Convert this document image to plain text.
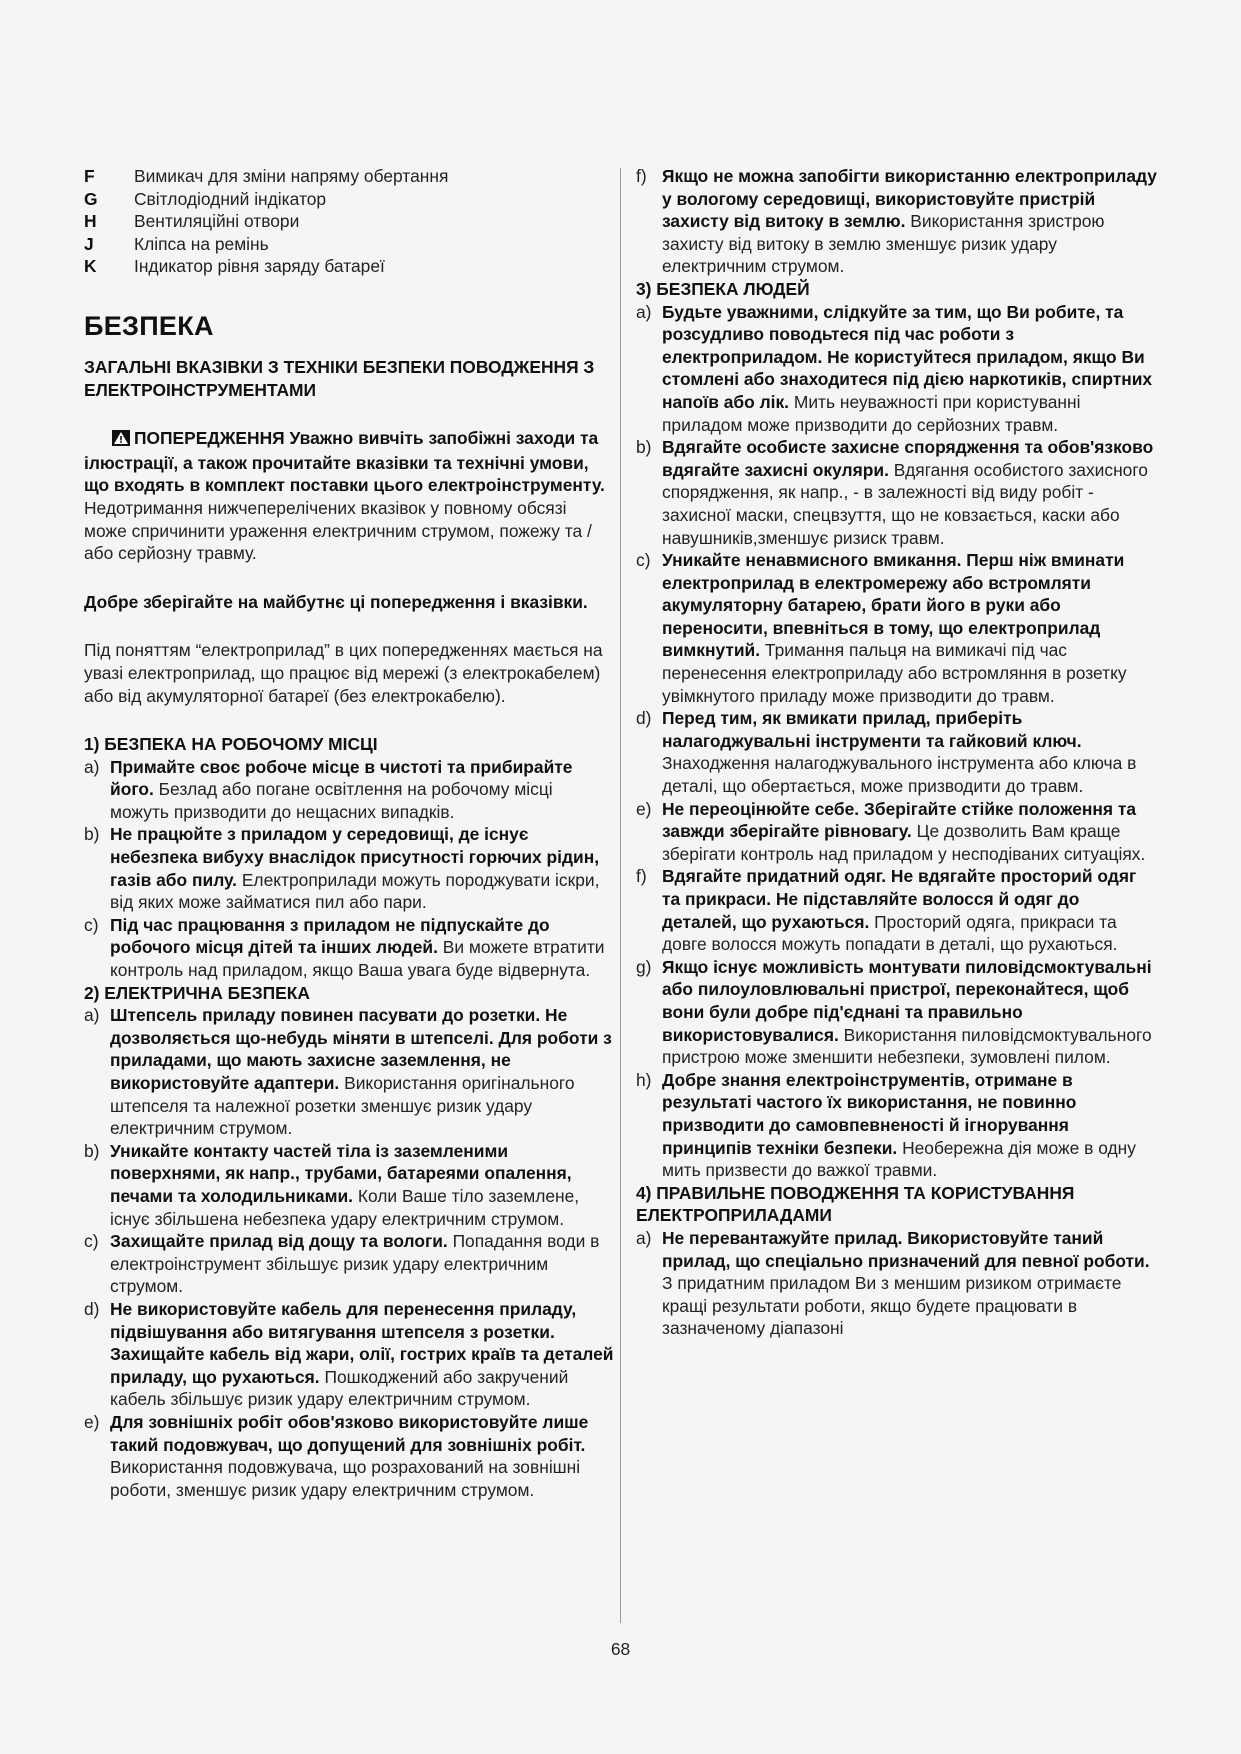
F	Вимикач для зміни напряму обертання
G	Світлодіодний індікатор
H	Вентиляційні отвори
J	Кліпса на ремінь
K	Індикатор рівня заряду батареї
БЕЗПЕКА

ЗАГАЛЬНІ ВКАЗІВКИ З ТЕХНІКИ БЕЗПЕКИ ПОВОДЖЕННЯ З ЕЛЕКТРОІНСТРУМЕНТАМИ

ПОПЕРЕДЖЕННЯ Уважно вивчіть запобіжні заходи та ілюстрації, а також прочитайте вказівки та технічні умови, що входять в комплект поставки цього електроінструменту. Недотримання нижчеперелічених вказівок у повному обсязі може спричинити ураження електричним струмом, пожежу та / або серйозну травму.

Добре зберігайте на майбутнє ці попередження і вказівки.

Під поняттям “електроприлад” в цих попередженнях мається на увазі електроприлад, що працює від мережі (з електрокабелем) або від акумуляторної батареї (без електрокабелю).

1) БЕЗПЕКА НА РОБОЧОМУ МІСЦІ

a) Примайте своє робоче місце в чистоті та прибирайте його. Безлад або погане освітлення на робочому місці можуть призводити до нещасних випадків.
b) Не працюйте з приладом у середовищі, де існує небезпека вибуху внаслідок присутності горючих рідин, газів або пилу. Електроприлади можуть породжувати іскри, від яких може займатися пил або пари.
c) Під час працювання з приладом не підпускайте до робочого місця дітей та інших людей. Ви можете втратити контроль над приладом, якщо Ваша увага буде відвернута.

2) ЕЛЕКТРИЧНА БЕЗПЕКА

a) Штепсель приладу повинен пасувати до розетки. Не дозволяється що-небудь міняти в штепселі. Для роботи з приладами, що мають захисне заземлення, не використовуйте адаптери. Використання оригінального штепселя та належної розетки зменшує ризик удару електричним струмом.
b) Уникайте контакту частей тіла із заземленими поверхнями, як напр., трубами, батареями опалення, печами та холодильниками. Коли Ваше тіло заземлене, існує збільшена небезпека удару електричним струмом.
c) Захищайте прилад від дощу та вологи. Попадання води в електроінструмент збільшує ризик удару електричним струмом.
d) Не використовуйте кабель для перенесення приладу, підвішування або витягування штепселя з розетки. Захищайте кабель від жари, олії, гострих країв та деталей приладу, що рухаються. Пошкоджений або закручений кабель збільшує ризик удару електричним струмом.
e) Для зовнішніх робіт обов'язково використовуйте лише такий подовжувач, що допущений для зовнішніх робіт. Використання подовжувача, що розрахований на зовнішні роботи, зменшує ризик удару електричним струмом.
f) Якщо не можна запобігти використанню електроприладу у вологому середовищі, використовуйте пристрій захисту від витоку в землю. Використання зристрою захисту від витоку в землю зменшує ризик удару електричним струмом.

3) БЕЗПЕКА ЛЮДЕЙ

a) Будьте уважними, слідкуйте за тим, що Ви робите, та розсудливо поводьтеся під час роботи з електроприладом. Не користуйтеся приладом, якщо Ви стомлені або знаходитеся під дією наркотиків, спиртних напоїв або лік. Мить неуважності при користуванні приладом може призводити до серйозних травм.
b) Вдягайте особисте захисне спорядження та обов'язково вдягайте захисні окуляри. Вдягання особистого захисного спорядження, як напр., - в залежності від виду робіт - захисної маски, спецвзуття, що не ковзається, каски або навушників,зменшує ризиск травм.
c) Уникайте ненавмисного вмикання. Перш ніж вминати електроприлад в електромережу або встромляти акумуляторну батарею, брати його в руки або переносити, впевніться в тому, що електроприлад вимкнутий. Тримання пальця на вимикачі під час перенесення електроприладу або встромляння в розетку увімкнутого приладу може призводити до травм.
d) Перед тим, як вмикати прилад, приберіть налагоджувальні інструменти та гайковий ключ. Знаходження налагоджувального інструмента або ключа в деталі, що обертається, може призводити до травм.
e) Не переоцінюйте себе. Зберігайте стійке положення та завжди зберігайте рівновагу. Це дозволить Вам краще зберігати контроль над приладом у несподіваних ситуаціях.
f) Вдягайте придатний одяг. Не вдягайте просторий одяг та прикраси. Не підставляйте волосся й одяг до деталей, що рухаються. Просторий одяга, прикраси та довге волосся можуть попадати в деталі, що рухаються.
g) Якщо існує можливість монтувати пиловідсмоктувальні або пилоуловлювальні пристрої, переконайтеся, щоб вони були добре під'єднані та правильно використовувалися. Використання пиловідсмоктувального пристрою може зменшити небезпеки, зумовлені пилом.
h) Добре знання електроінструментів, отримане в результаті частого їх використання, не повинно призводити до самовпевненості й ігнорування принципів техніки безпеки. Необережна дія може в одну мить призвести до важкої травми.

4) ПРАВИЛЬНЕ ПОВОДЖЕННЯ ТА КОРИСТУВАННЯ ЕЛЕКТРОПРИЛАДАМИ

a) Не перевантажуйте прилад. Використовуйте таний прилад, що спеціально призначений для певної роботи. З придатним приладом Ви з меншим ризиком отримаєте кращі результати роботи, якщо будете працювати в зазначеному діапазоні
68
